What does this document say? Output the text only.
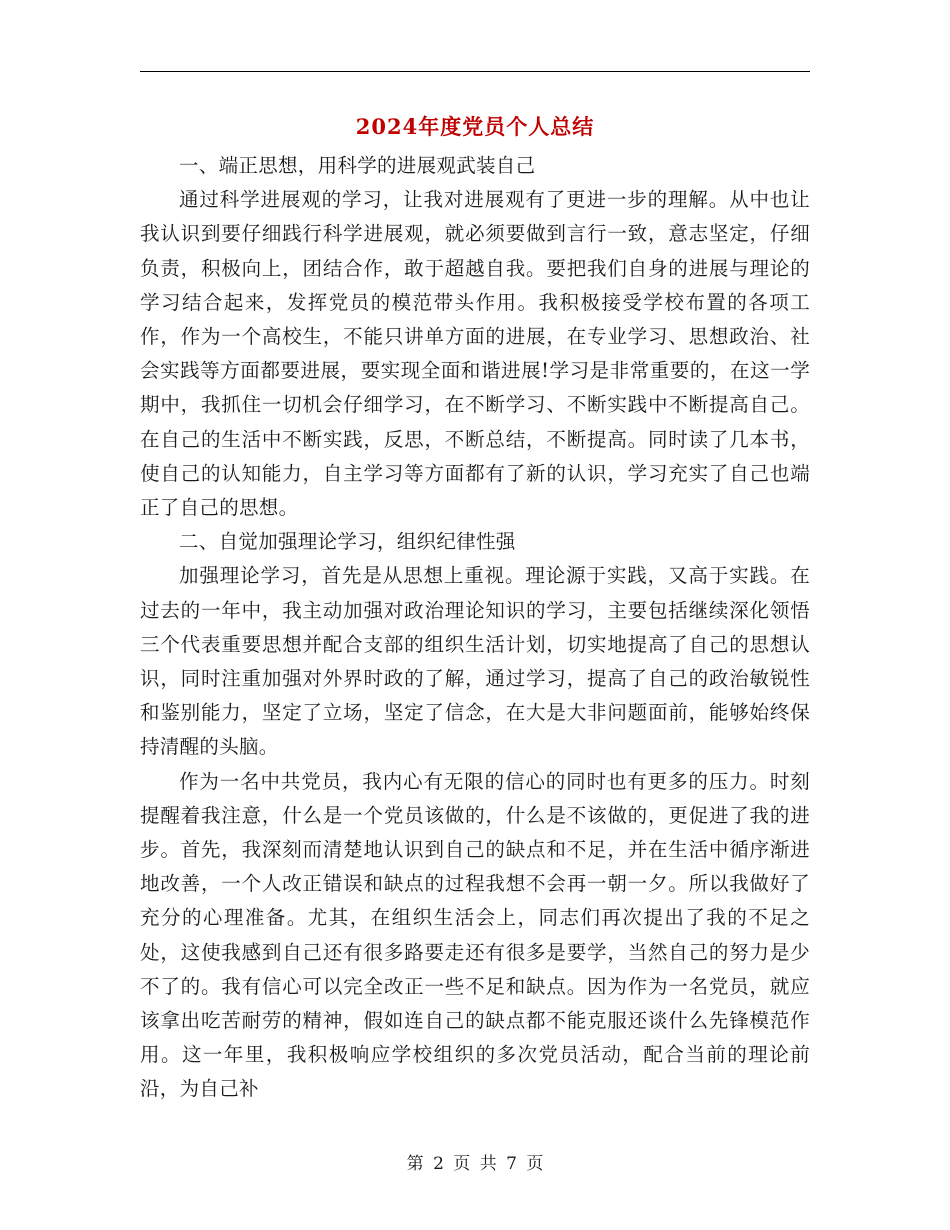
2024年度党员个人总结

一、端正思想，用科学的进展观武装自己

通过科学进展观的学习，让我对进展观有了更进一步的理解。从中也让我认识到要仔细践行科学进展观，就必须要做到言行一致，意志坚定，仔细负责，积极向上，团结合作，敢于超越自我。要把我们自身的进展与理论的学习结合起来，发挥党员的模范带头作用。我积极接受学校布置的各项工作，作为一个高校生，不能只讲单方面的进展，在专业学习、思想政治、社会实践等方面都要进展，要实现全面和谐进展!学习是非常重要的，在这一学期中，我抓住一切机会仔细学习，在不断学习、不断实践中不断提高自己。在自己的生活中不断实践，反思，不断总结，不断提高。同时读了几本书，使自己的认知能力，自主学习等方面都有了新的认识，学习充实了自己也端正了自己的思想。

二、自觉加强理论学习，组织纪律性强

加强理论学习，首先是从思想上重视。理论源于实践，又高于实践。在过去的一年中，我主动加强对政治理论知识的学习，主要包括继续深化领悟三个代表重要思想并配合支部的组织生活计划，切实地提高了自己的思想认识，同时注重加强对外界时政的了解，通过学习，提高了自己的政治敏锐性和鉴别能力，坚定了立场，坚定了信念，在大是大非问题面前，能够始终保持清醒的头脑。

作为一名中共党员，我内心有无限的信心的同时也有更多的压力。时刻提醒着我注意，什么是一个党员该做的，什么是不该做的，更促进了我的进步。首先，我深刻而清楚地认识到自己的缺点和不足，并在生活中循序渐进地改善，一个人改正错误和缺点的过程我想不会再一朝一夕。所以我做好了充分的心理准备。尤其，在组织生活会上，同志们再次提出了我的不足之处，这使我感到自己还有很多路要走还有很多是要学，当然自己的努力是少不了的。我有信心可以完全改正一些不足和缺点。因为作为一名党员，就应该拿出吃苦耐劳的精神，假如连自己的缺点都不能克服还谈什么先锋模范作用。这一年里，我积极响应学校组织的多次党员活动，配合当前的理论前沿，为自己补

第 2 页 共 7 页
